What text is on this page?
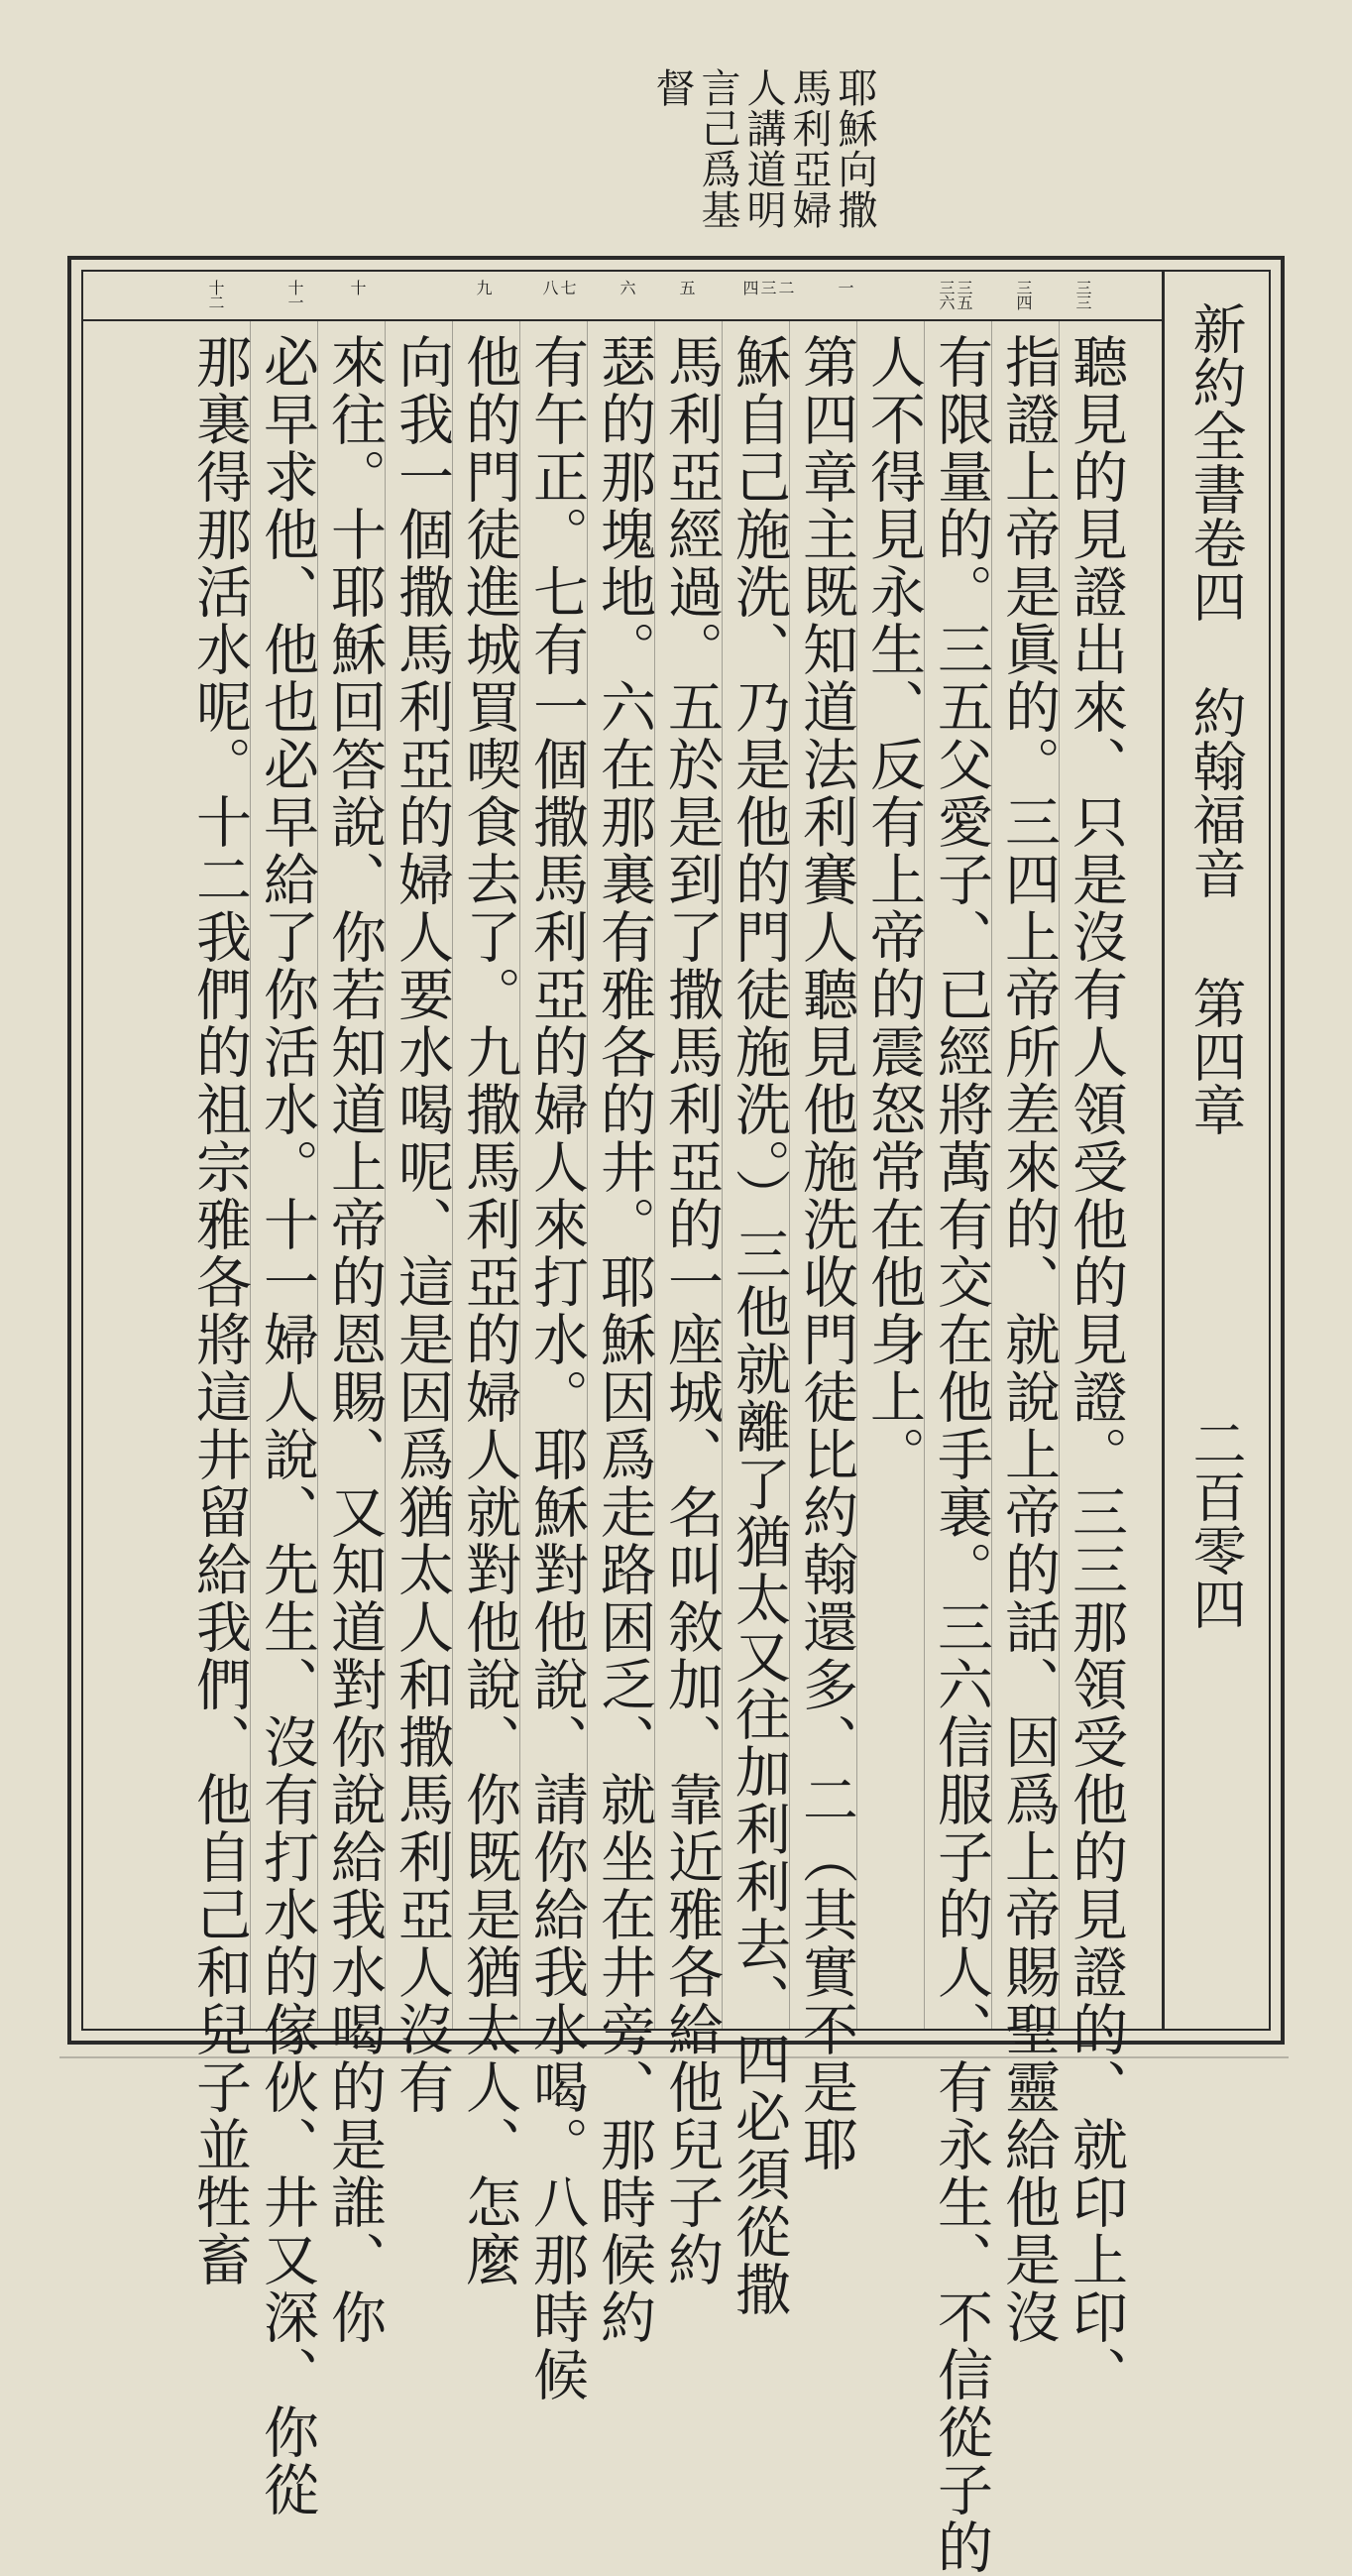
耶穌向撒
馬利亞婦
人講道明
言己爲基
督
新約全書卷四 約翰福音 第四章 二百零四
三三
三四
三五
三六
一
二
三
四
五
六
七
八
九
十
十一
十二
聽見的見證出來、只是沒有人領受他的見證。三三那領受他的見證的、就印上印、
指證上帝是眞的。三四上帝所差來的、就說上帝的話、因爲上帝賜聖靈給他是沒
有限量的。三五父愛子、已經將萬有交在他手裏。三六信服子的人、有永生、不信從子的
人不得見永生、反有上帝的震怒常在他身上。
第四章主既知道法利賽人聽見他施洗收門徒比約翰還多、二（其實不是耶
穌自己施洗、乃是他的門徒施洗。）三他就離了猶太又往加利利去、四必須從撒
馬利亞經過。五於是到了撒馬利亞的一座城、名叫敘加、靠近雅各給他兒子約
瑟的那塊地。六在那裏有雅各的井。耶穌因爲走路困乏、就坐在井旁、那時候約
有午正。七有一個撒馬利亞的婦人來打水。耶穌對他說、請你給我水喝。八那時候
他的門徒進城買喫食去了。九撒馬利亞的婦人就對他說、你既是猶太人、怎麼
向我一個撒馬利亞的婦人要水喝呢、這是因爲猶太人和撒馬利亞人沒有
來往。十耶穌回答說、你若知道上帝的恩賜、又知道對你說給我水喝的是誰、你
必早求他、他也必早給了你活水。十一婦人說、先生、沒有打水的傢伙、井又深、你從
那裏得那活水呢。十二我們的祖宗雅各將這井留給我們、他自己和兒子並牲畜
